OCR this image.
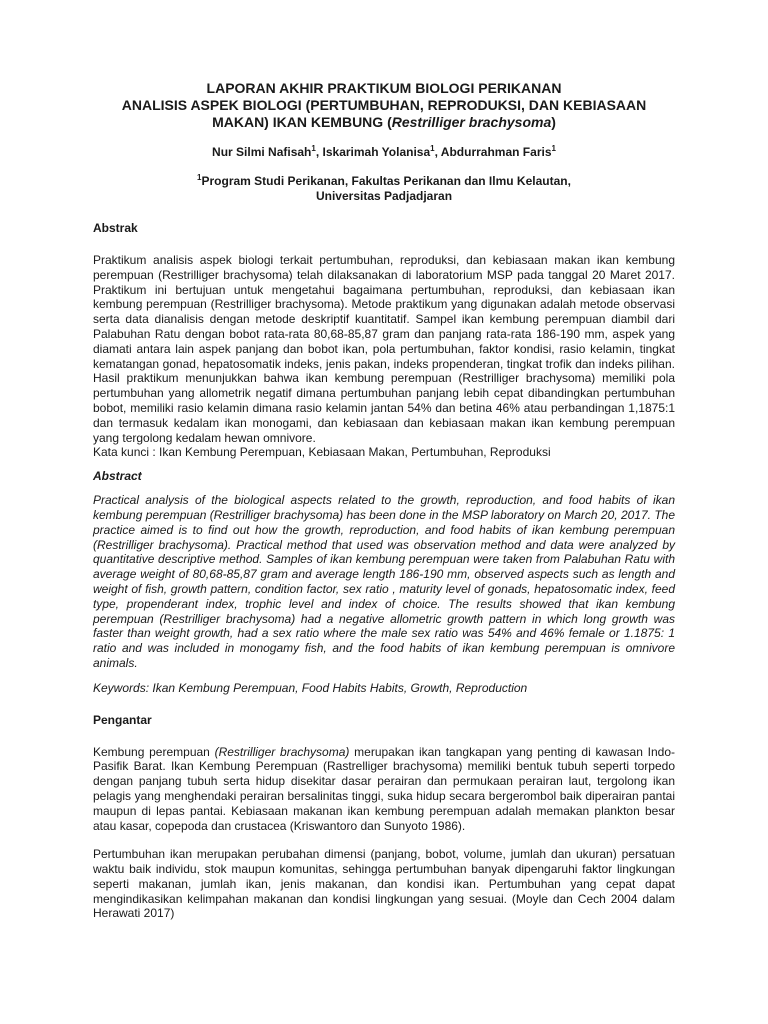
LAPORAN AKHIR PRAKTIKUM BIOLOGI PERIKANAN
ANALISIS ASPEK BIOLOGI (PERTUMBUHAN, REPRODUKSI, DAN KEBIASAAN
MAKAN) IKAN KEMBUNG (Restrilliger brachysoma)
Nur Silmi Nafisah$^1$, Iskarimah Yolanisa$^1$, Abdurrahman Faris$^1$
$^1$Program Studi Perikanan, Fakultas Perikanan dan Ilmu Kelautan,
Universitas Padjadjaran
Abstrak
Praktikum analisis aspek biologi terkait pertumbuhan, reproduksi, dan kebiasaan makan ikan kembung perempuan (Restrilliger brachysoma) telah dilaksanakan di laboratorium MSP pada tanggal 20 Maret 2017. Praktikum ini bertujuan untuk mengetahui bagaimana pertumbuhan, reproduksi, dan kebiasaan ikan kembung perempuan (Restrilliger brachysoma). Metode praktikum yang digunakan adalah metode observasi serta data dianalisis dengan metode deskriptif kuantitatif. Sampel ikan kembung perempuan diambil dari Palabuhan Ratu dengan bobot rata-rata 80,68-85,87 gram dan panjang rata-rata 186-190 mm, aspek yang diamati antara lain aspek panjang dan bobot ikan, pola pertumbuhan, faktor kondisi, rasio kelamin, tingkat kematangan gonad, hepatosomatik indeks, jenis pakan, indeks propenderan, tingkat trofik dan indeks pilihan. Hasil praktikum menunjukkan bahwa ikan kembung perempuan (Restrilliger brachysoma) memiliki pola pertumbuhan yang allometrik negatif dimana pertumbuhan panjang lebih cepat dibandingkan pertumbuhan bobot, memiliki rasio kelamin dimana rasio kelamin jantan 54% dan betina 46% atau perbandingan 1,1875:1 dan termasuk kedalam ikan monogami, dan kebiasaan dan kebiasaan makan ikan kembung perempuan yang tergolong kedalam hewan omnivore.
Kata kunci : Ikan Kembung Perempuan, Kebiasaan Makan, Pertumbuhan, Reproduksi
Abstract
Practical analysis of the biological aspects related to the growth, reproduction, and food habits of ikan kembung perempuan (Restrilliger brachysoma) has been done in the MSP laboratory on March 20, 2017. The practice aimed is to find out how the growth, reproduction, and food habits of ikan kembung perempuan (Restrilliger brachysoma). Practical method that used was observation method and data were analyzed by quantitative descriptive method. Samples of ikan kembung perempuan were taken from Palabuhan Ratu with average weight of 80,68-85,87 gram and average length 186-190 mm, observed aspects such as length and weight of fish, growth pattern, condition factor, sex ratio , maturity level of gonads, hepatosomatic index, feed type, propenderant index, trophic level and index of choice. The results showed that ikan kembung perempuan (Restrilliger brachysoma) had a negative allometric growth pattern in which long growth was faster than weight growth, had a sex ratio where the male sex ratio was 54% and 46% female or 1.1875: 1 ratio and was included in monogamy fish, and the food habits of ikan kembung perempuan is omnivore animals.
Keywords: Ikan Kembung Perempuan, Food Habits Habits, Growth, Reproduction
Pengantar
Kembung perempuan (Restrilliger brachysoma) merupakan ikan tangkapan yang penting di kawasan Indo-Pasifik Barat. Ikan Kembung Perempuan (Rastrelliger brachysoma) memiliki bentuk tubuh seperti torpedo dengan panjang tubuh serta hidup disekitar dasar perairan dan permukaan perairan laut, tergolong ikan pelagis yang menghendaki perairan bersalinitas tinggi, suka hidup secara bergerombol baik diperairan pantai maupun di lepas pantai. Kebiasaan makanan ikan kembung perempuan adalah memakan plankton besar atau kasar, copepoda dan crustacea (Kriswantoro dan Sunyoto 1986).
Pertumbuhan ikan merupakan perubahan dimensi (panjang, bobot, volume, jumlah dan ukuran) persatuan waktu baik individu, stok maupun komunitas, sehingga pertumbuhan banyak dipengaruhi faktor lingkungan seperti makanan, jumlah ikan, jenis makanan, dan kondisi ikan. Pertumbuhan yang cepat dapat mengindikasikan kelimpahan makanan dan kondisi lingkungan yang sesuai. (Moyle dan Cech 2004 dalam Herawati 2017)
